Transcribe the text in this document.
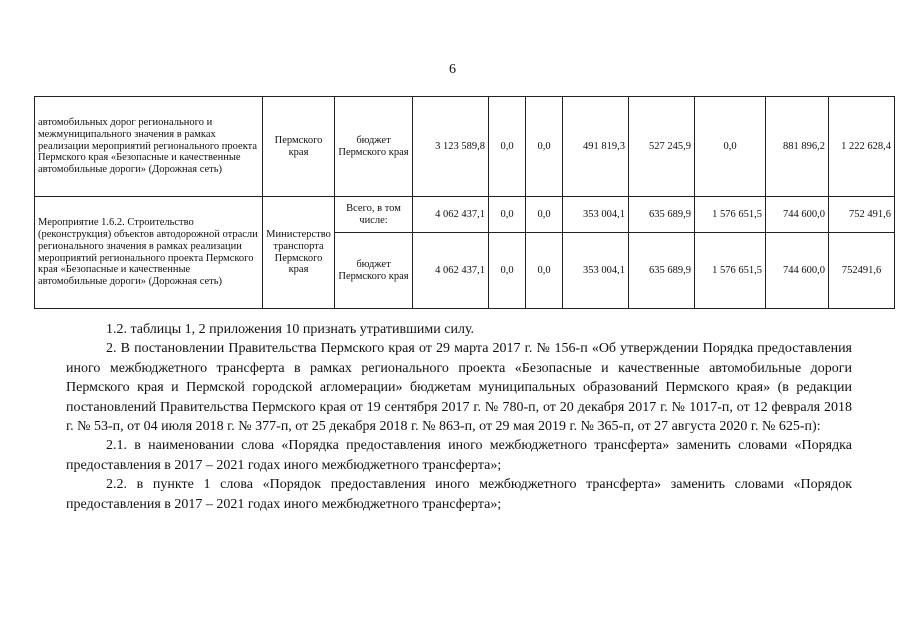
6
автомобильных дорог регионального и межмуниципального значения в рамках реализации мероприятий регионального проекта Пермского края «Безопасные и качественные автомобильные дороги» (Дорожная сеть)	Пермского края	бюджет Пермского края	3 123 589,8	0,0	0,0	491 819,3	527 245,9	0,0	881 896,2	1 222 628,4
Мероприятие 1.6.2. Строительство (реконструкция) объектов автодорожной отрасли регионального значения в рамках реализации мероприятий регионального проекта Пермского края «Безопасные и качественные автомобильные дороги» (Дорожная сеть)	Министерство транспорта Пермского края	Всего, в том числе:	4 062 437,1	0,0	0,0	353 004,1	635 689,9	1 576 651,5	744 600,0	752 491,6
		бюджет Пермского края	4 062 437,1	0,0	0,0	353 004,1	635 689,9	1 576 651,5	744 600,0	752491,6

1.2. таблицы 1, 2 приложения 10 признать утратившими силу.

2. В постановлении Правительства Пермского края от 29 марта 2017 г. № 156-п «Об утверждении Порядка предоставления иного межбюджетного трансферта в рамках регионального проекта «Безопасные и качественные автомобильные дороги Пермского края и Пермской городской агломерации» бюджетам муниципальных образований Пермского края» (в редакции постановлений Правительства Пермского края от 19 сентября 2017 г. № 780-п, от 20 декабря 2017 г. № 1017-п, от 12 февраля 2018 г. № 53-п, от 04 июля 2018 г. № 377-п, от 25 декабря 2018 г. № 863-п, от 29 мая 2019 г. № 365-п, от 27 августа 2020 г. № 625-п):

2.1. в наименовании слова «Порядка предоставления иного межбюджетного трансферта» заменить словами «Порядка предоставления в 2017 – 2021 годах иного межбюджетного трансферта»;

2.2. в пункте 1 слова «Порядок предоставления иного межбюджетного трансферта» заменить словами «Порядок предоставления в 2017 – 2021 годах иного межбюджетного трансферта»;
